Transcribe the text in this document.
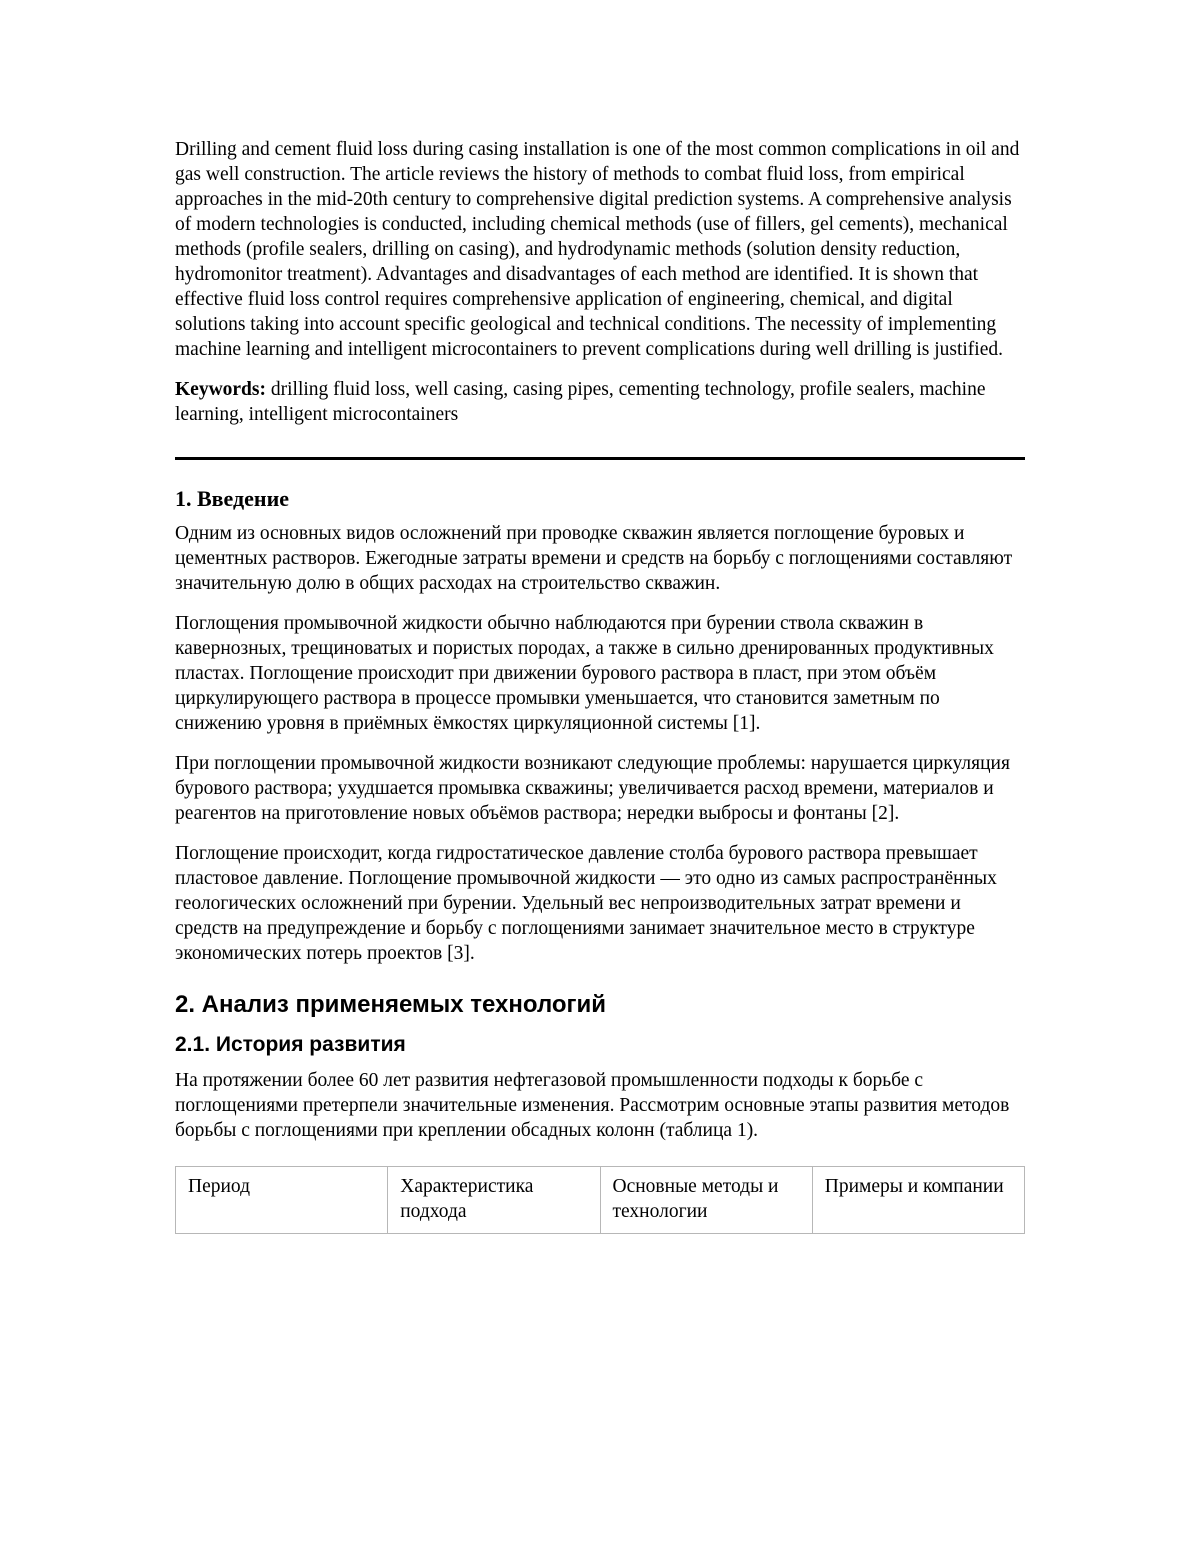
Drilling and cement fluid loss during casing installation is one of the most common complications in oil and gas well construction. The article reviews the history of methods to combat fluid loss, from empirical approaches in the mid-20th century to comprehensive digital prediction systems. A comprehensive analysis of modern technologies is conducted, including chemical methods (use of fillers, gel cements), mechanical methods (profile sealers, drilling on casing), and hydrodynamic methods (solution density reduction, hydromonitor treatment). Advantages and disadvantages of each method are identified. It is shown that effective fluid loss control requires comprehensive application of engineering, chemical, and digital solutions taking into account specific geological and technical conditions. The necessity of implementing machine learning and intelligent microcontainers to prevent complications during well drilling is justified.

Keywords: drilling fluid loss, well casing, casing pipes, cementing technology, profile sealers, machine learning, intelligent microcontainers

1. Введение

Одним из основных видов осложнений при проводке скважин является поглощение буровых и цементных растворов. Ежегодные затраты времени и средств на борьбу с поглощениями составляют значительную долю в общих расходах на строительство скважин.

Поглощения промывочной жидкости обычно наблюдаются при бурении ствола скважин в кавернозных, трещиноватых и пористых породах, а также в сильно дренированных продуктивных пластах. Поглощение происходит при движении бурового раствора в пласт, при этом объём циркулирующего раствора в процессе промывки уменьшается, что становится заметным по снижению уровня в приёмных ёмкостях циркуляционной системы [1].

При поглощении промывочной жидкости возникают следующие проблемы: нарушается циркуляция бурового раствора; ухудшается промывка скважины; увеличивается расход времени, материалов и реагентов на приготовление новых объёмов раствора; нередки выбросы и фонтаны [2].

Поглощение происходит, когда гидростатическое давление столба бурового раствора превышает пластовое давление. Поглощение промывочной жидкости — это одно из самых распространённых геологических осложнений при бурении. Удельный вес непроизводительных затрат времени и средств на предупреждение и борьбу с поглощениями занимает значительное место в структуре экономических потерь проектов [3].

2. Анализ применяемых технологий
2.1. История развития

На протяжении более 60 лет развития нефтегазовой промышленности подходы к борьбе с поглощениями претерпели значительные изменения. Рассмотрим основные этапы развития методов борьбы с поглощениями при креплении обсадных колонн (таблица 1).

Период	Характеристика подхода	Основные методы и технологии	Примеры и компании
